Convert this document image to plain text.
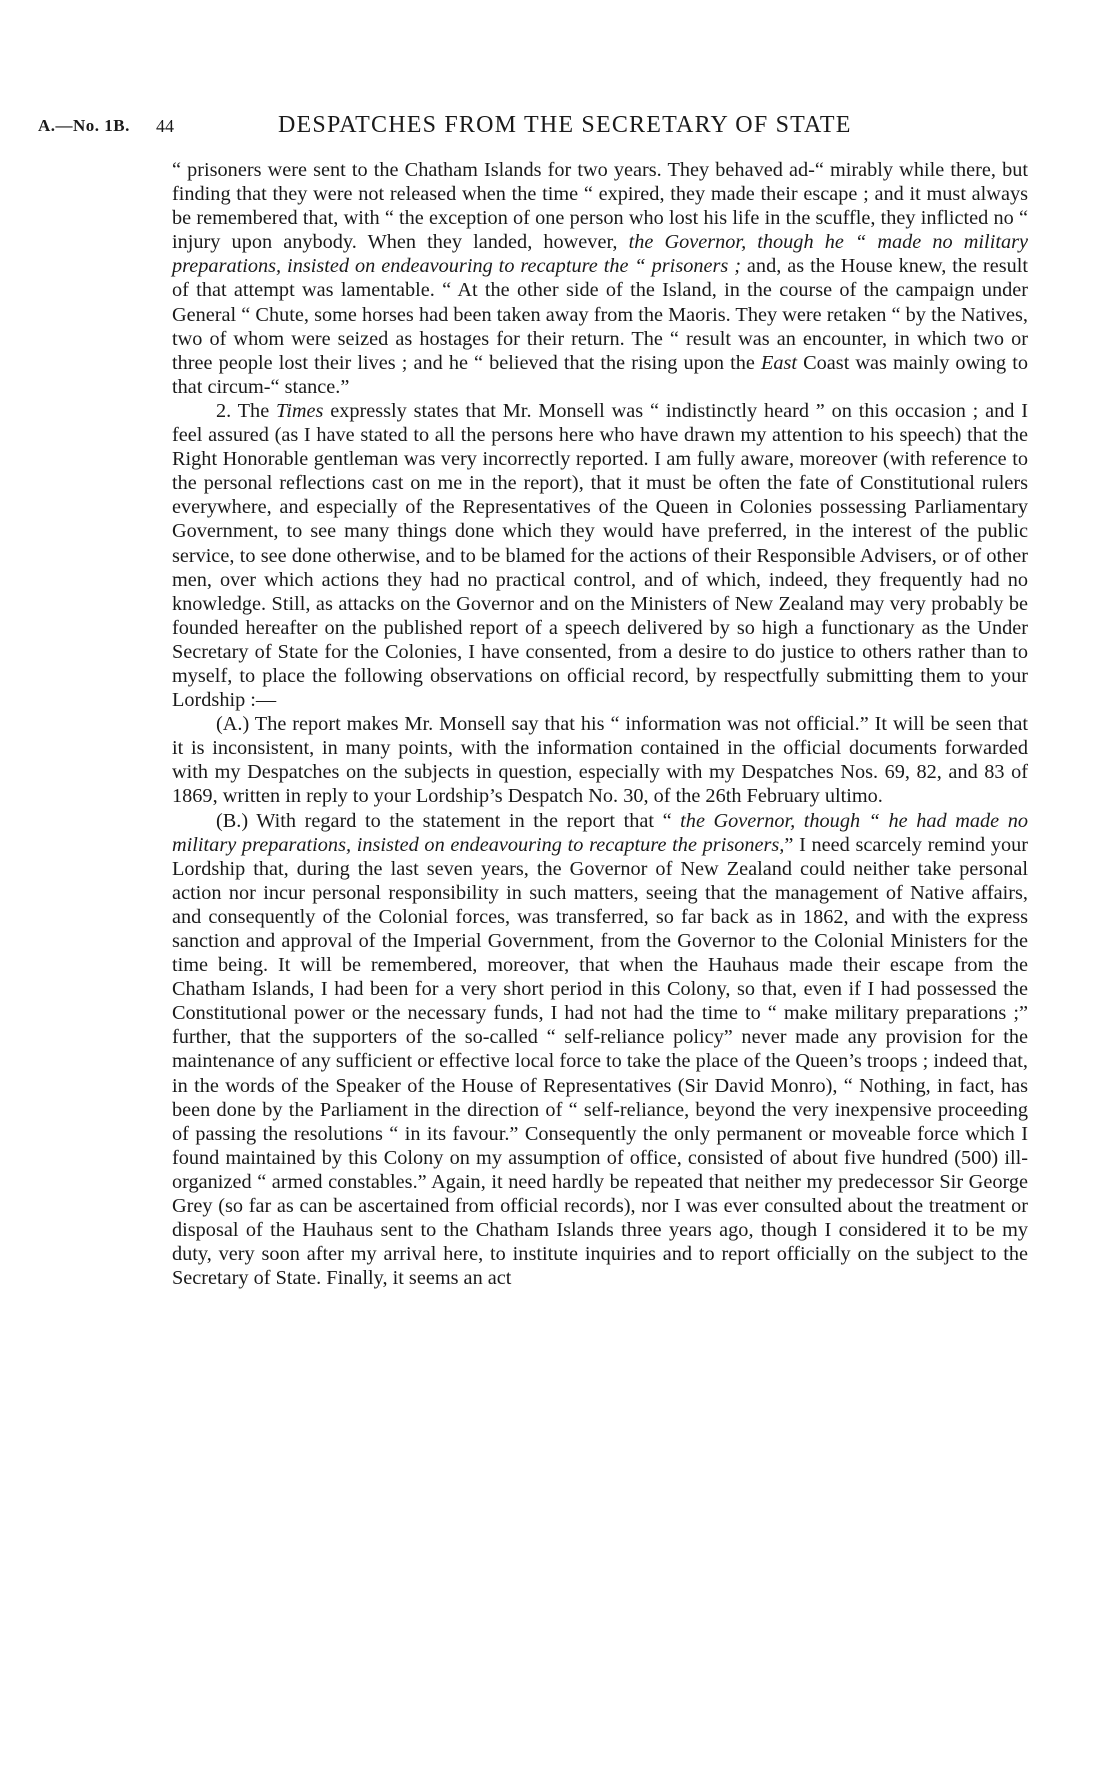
A.—No. 1B. 44	DESPATCHES FROM THE SECRETARY OF STATE

“ prisoners were sent to the Chatham Islands for two years. They behaved ad-“ mirably while there, but finding that they were not released when the time “ expired, they made their escape ; and it must always be remembered that, with “ the exception of one person who lost his life in the scuffle, they inflicted no “ injury upon anybody. When they landed, however, the Governor, though he “ made no military preparations, insisted on endeavouring to recapture the “ prisoners ; and, as the House knew, the result of that attempt was lamentable. “ At the other side of the Island, in the course of the campaign under General “ Chute, some horses had been taken away from the Maoris. They were retaken “ by the Natives, two of whom were seized as hostages for their return. The “ result was an encounter, in which two or three people lost their lives ; and he “ believed that the rising upon the East Coast was mainly owing to that circum-“ stance.”

2. The Times expressly states that Mr. Monsell was “ indistinctly heard ” on this occasion ; and I feel assured (as I have stated to all the persons here who have drawn my attention to his speech) that the Right Honorable gentleman was very incorrectly reported. I am fully aware, moreover (with reference to the personal reflections cast on me in the report), that it must be often the fate of Constitutional rulers everywhere, and especially of the Representatives of the Queen in Colonies possessing Parliamentary Government, to see many things done which they would have preferred, in the interest of the public service, to see done otherwise, and to be blamed for the actions of their Responsible Advisers, or of other men, over which actions they had no practical control, and of which, indeed, they frequently had no knowledge. Still, as attacks on the Governor and on the Ministers of New Zealand may very probably be founded hereafter on the published report of a speech delivered by so high a functionary as the Under Secretary of State for the Colonies, I have consented, from a desire to do justice to others rather than to myself, to place the following observations on official record, by respectfully submitting them to your Lordship :—

(A.) The report makes Mr. Monsell say that his “ information was not official.” It will be seen that it is inconsistent, in many points, with the information contained in the official documents forwarded with my Despatches on the subjects in question, especially with my Despatches Nos. 69, 82, and 83 of 1869, written in reply to your Lordship’s Despatch No. 30, of the 26th February ultimo.

(B.) With regard to the statement in the report that “ the Governor, though “ he had made no military preparations, insisted on endeavouring to recapture the prisoners,” I need scarcely remind your Lordship that, during the last seven years, the Governor of New Zealand could neither take personal action nor incur personal responsibility in such matters, seeing that the management of Native affairs, and consequently of the Colonial forces, was transferred, so far back as in 1862, and with the express sanction and approval of the Imperial Government, from the Governor to the Colonial Ministers for the time being. It will be remembered, moreover, that when the Hauhaus made their escape from the Chatham Islands, I had been for a very short period in this Colony, so that, even if I had possessed the Constitutional power or the necessary funds, I had not had the time to “ make military preparations ;” further, that the supporters of the so-called “ self-reliance policy” never made any provision for the maintenance of any sufficient or effective local force to take the place of the Queen’s troops ; indeed that, in the words of the Speaker of the House of Representatives (Sir David Monro), “ Nothing, in fact, has been done by the Parliament in the direction of “ self-reliance, beyond the very inexpensive proceeding of passing the resolutions “ in its favour.” Consequently the only permanent or moveable force which I found maintained by this Colony on my assumption of office, consisted of about five hundred (500) ill-organized “ armed constables.” Again, it need hardly be repeated that neither my predecessor Sir George Grey (so far as can be ascertained from official records), nor I was ever consulted about the treatment or disposal of the Hauhaus sent to the Chatham Islands three years ago, though I considered it to be my duty, very soon after my arrival here, to institute inquiries and to report officially on the subject to the Secretary of State. Finally, it seems an act
